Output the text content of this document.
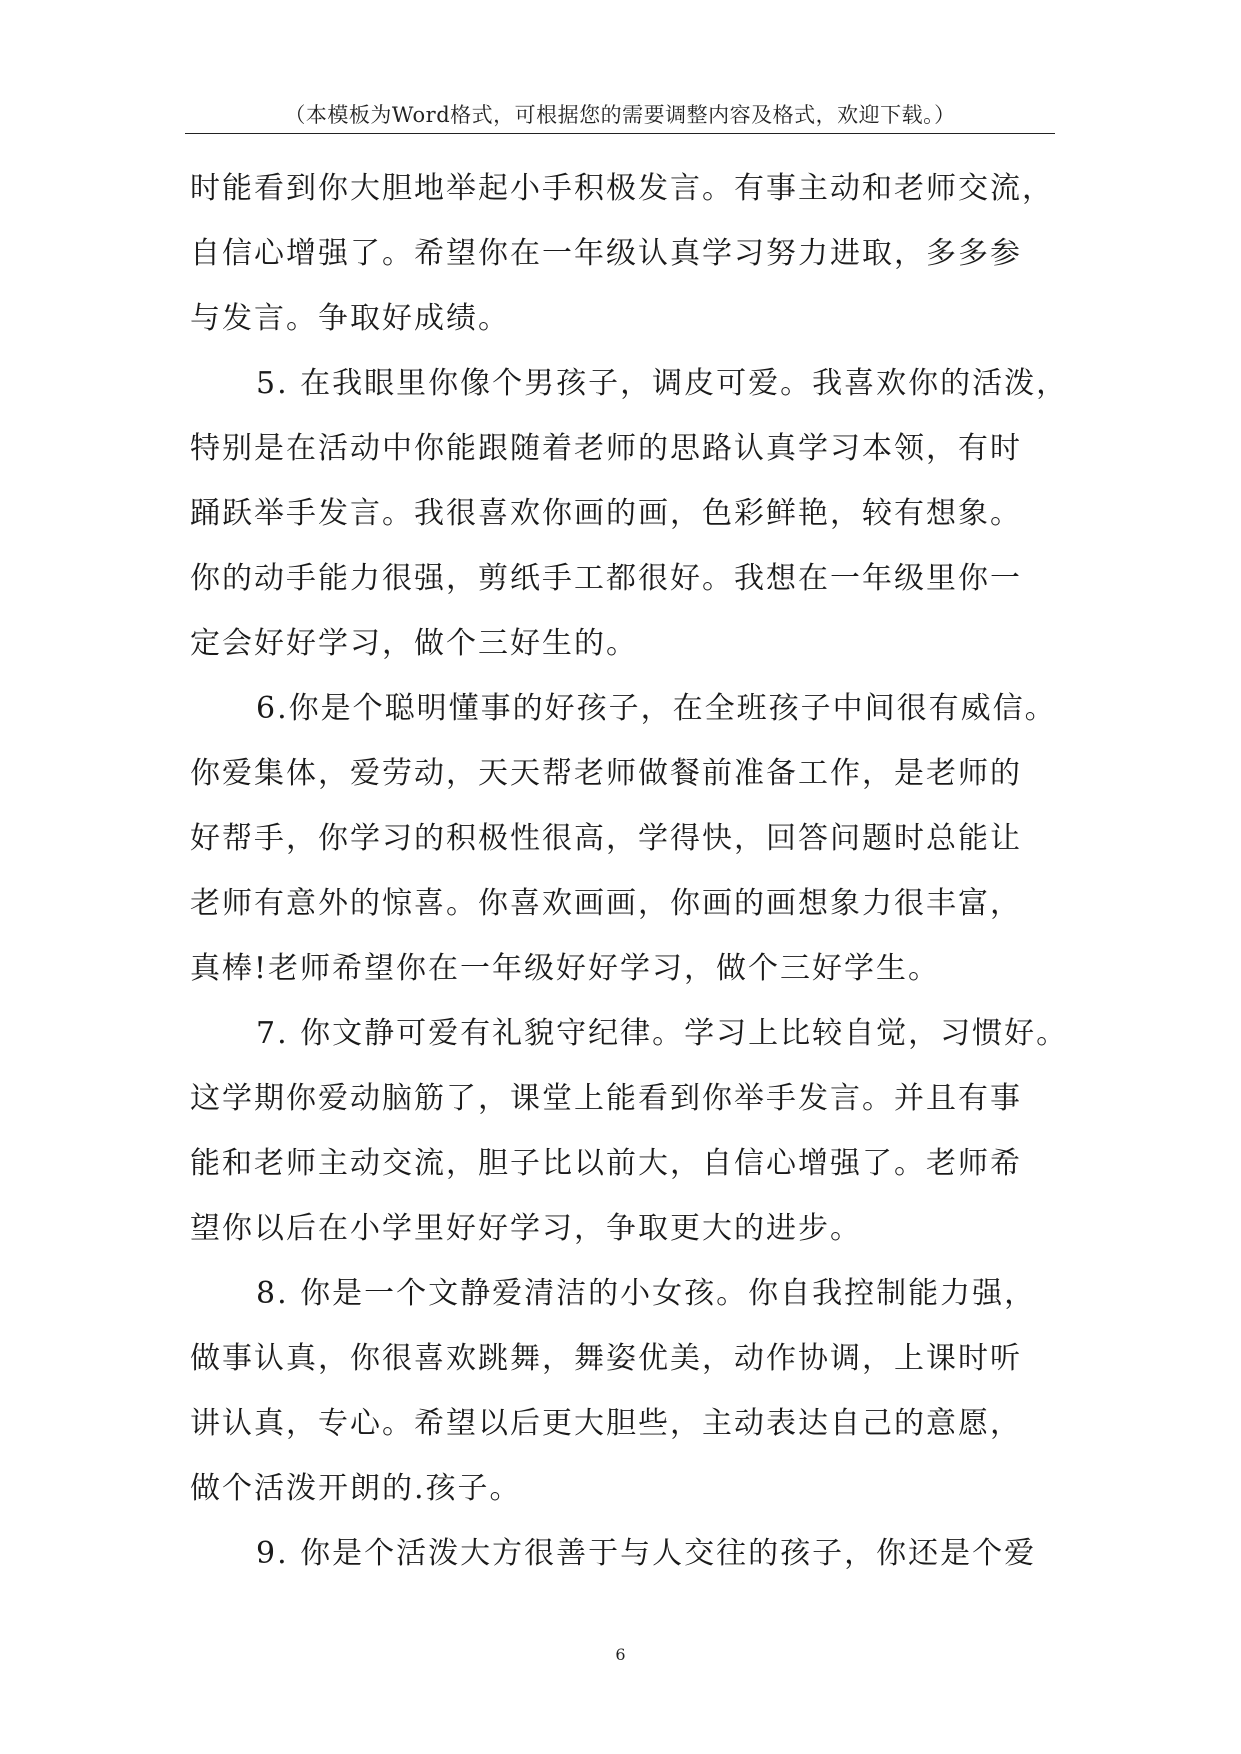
（本模板为Word格式，可根据您的需要调整内容及格式，欢迎下载。）
时能看到你大胆地举起小手积极发言。有事主动和老师交流，
自信心增强了。希望你在一年级认真学习努力进取，多多参
与发言。争取好成绩。
5. 在我眼里你像个男孩子，调皮可爱。我喜欢你的活泼，
特别是在活动中你能跟随着老师的思路认真学习本领，有时
踊跃举手发言。我很喜欢你画的画，色彩鲜艳，较有想象。
你的动手能力很强，剪纸手工都很好。我想在一年级里你一
定会好好学习，做个三好生的。
6.你是个聪明懂事的好孩子，在全班孩子中间很有威信。
你爱集体，爱劳动，天天帮老师做餐前准备工作，是老师的
好帮手，你学习的积极性很高，学得快，回答问题时总能让
老师有意外的惊喜。你喜欢画画，你画的画想象力很丰富，
真棒!老师希望你在一年级好好学习，做个三好学生。
7. 你文静可爱有礼貌守纪律。学习上比较自觉，习惯好。
这学期你爱动脑筋了，课堂上能看到你举手发言。并且有事
能和老师主动交流，胆子比以前大，自信心增强了。老师希
望你以后在小学里好好学习，争取更大的进步。
8. 你是一个文静爱清洁的小女孩。你自我控制能力强，
做事认真，你很喜欢跳舞，舞姿优美，动作协调，上课时听
讲认真，专心。希望以后更大胆些，主动表达自己的意愿，
做个活泼开朗的.孩子。
9. 你是个活泼大方很善于与人交往的孩子，你还是个爱
6
